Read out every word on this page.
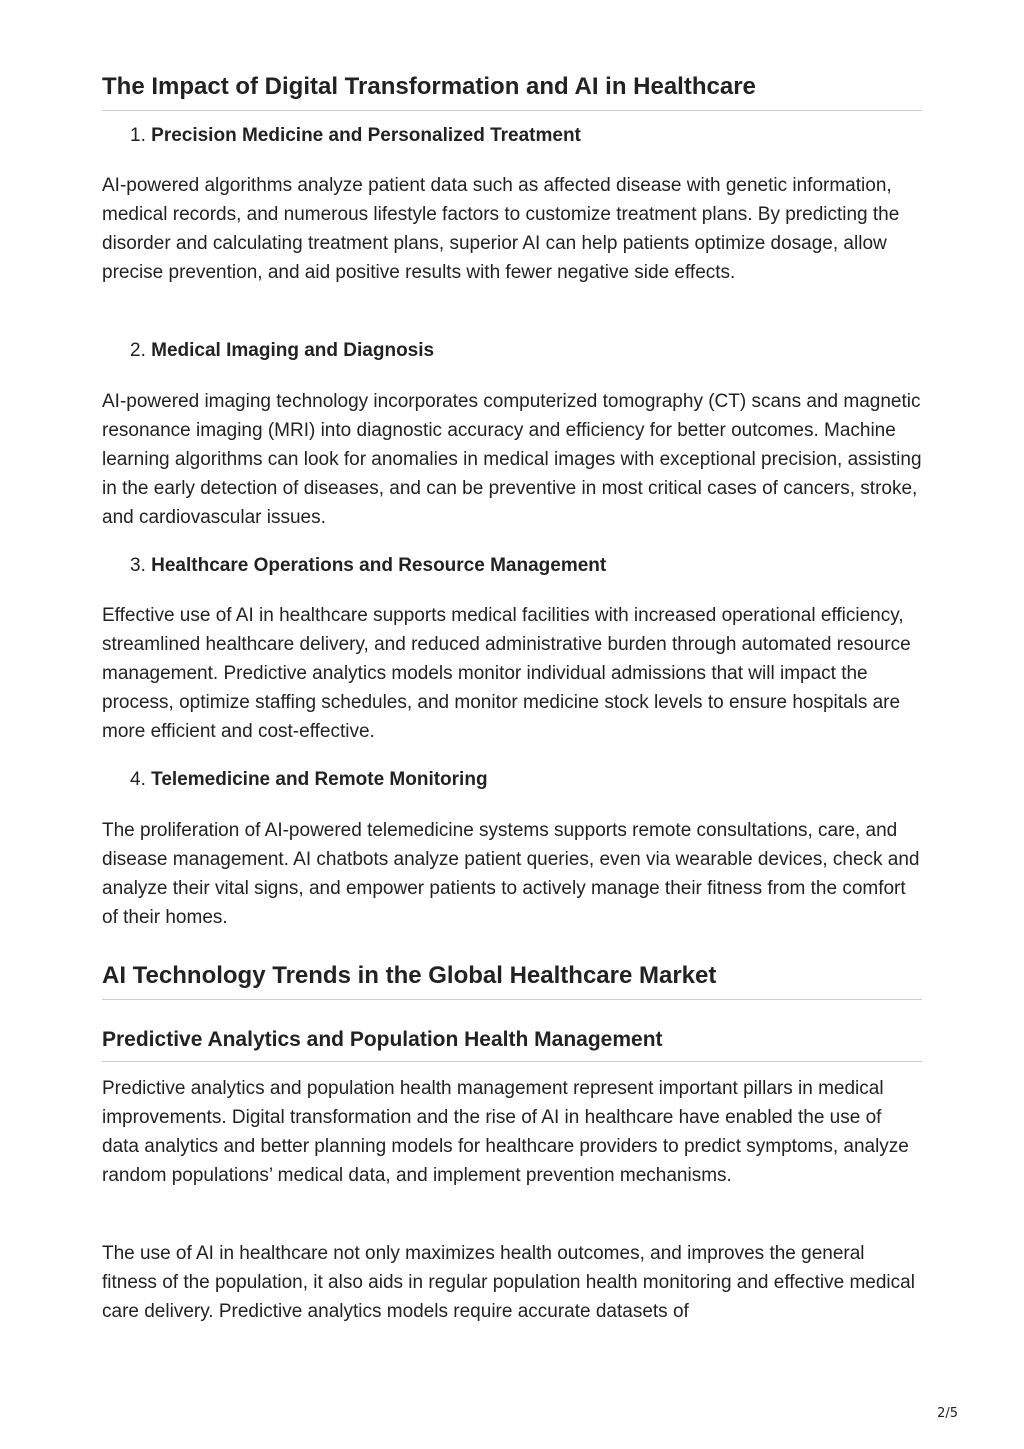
The Impact of Digital Transformation and AI in Healthcare
1. Precision Medicine and Personalized Treatment

AI-powered algorithms analyze patient data such as affected disease with genetic information, medical records, and numerous lifestyle factors to customize treatment plans. By predicting the disorder and calculating treatment plans, superior AI can help patients optimize dosage, allow precise prevention, and aid positive results with fewer negative side effects.

2. Medical Imaging and Diagnosis

AI-powered imaging technology incorporates computerized tomography (CT) scans and magnetic resonance imaging (MRI) into diagnostic accuracy and efficiency for better outcomes. Machine learning algorithms can look for anomalies in medical images with exceptional precision, assisting in the early detection of diseases, and can be preventive in most critical cases of cancers, stroke, and cardiovascular issues.

3. Healthcare Operations and Resource Management

Effective use of AI in healthcare supports medical facilities with increased operational efficiency, streamlined healthcare delivery, and reduced administrative burden through automated resource management. Predictive analytics models monitor individual admissions that will impact the process, optimize staffing schedules, and monitor medicine stock levels to ensure hospitals are more efficient and cost-effective.

4. Telemedicine and Remote Monitoring

The proliferation of AI-powered telemedicine systems supports remote consultations, care, and disease management. AI chatbots analyze patient queries, even via wearable devices, check and analyze their vital signs, and empower patients to actively manage their fitness from the comfort of their homes.

AI Technology Trends in the Global Healthcare Market
Predictive Analytics and Population Health Management

Predictive analytics and population health management represent important pillars in medical improvements. Digital transformation and the rise of AI in healthcare have enabled the use of data analytics and better planning models for healthcare providers to predict symptoms, analyze random populations’ medical data, and implement prevention mechanisms.

The use of AI in healthcare not only maximizes health outcomes, and improves the general fitness of the population, it also aids in regular population health monitoring and effective medical care delivery. Predictive analytics models require accurate datasets of

2/5
